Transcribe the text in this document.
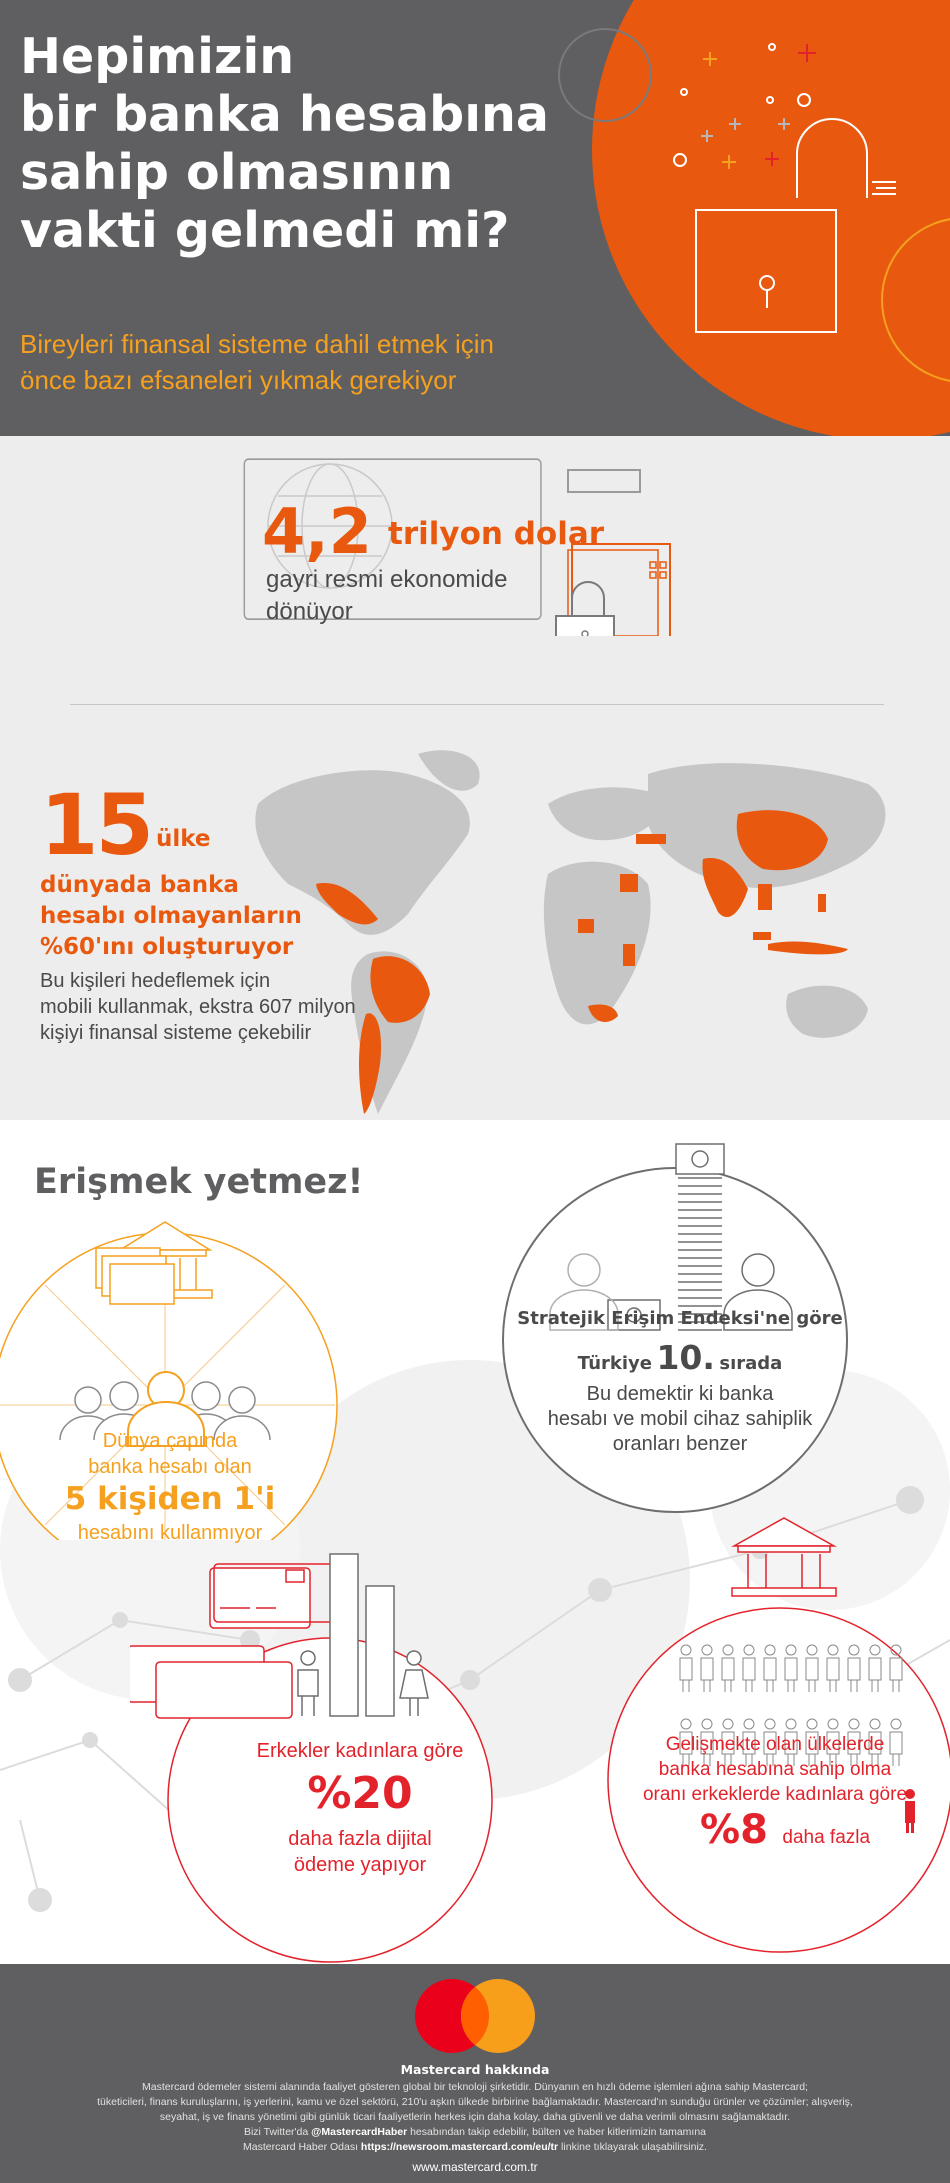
Hepimizin
bir banka hesabına
sahip olmasının
vakti gelmedi mi?
Bireyleri finansal sisteme dahil etmek için
önce bazı efsaneleri yıkmak gerekiyor
4,2 trilyon dolar
gayri resmi ekonomide
dönüyor
15 ülke
dünyada banka
hesabı olmayanların
%60'ını oluşturuyor
Bu kişileri hedeflemek için
mobili kullanmak, ekstra 607 milyon
kişiyi finansal sisteme çekebilir
Erişmek yetmez!
Stratejik Erişim Endeksi'ne göre
Türkiye 10. sırada
Bu demektir ki banka
hesabı ve mobil cihaz sahiplik
oranları benzer
Dünya çapında
banka hesabı olan
5 kişiden 1'i
hesabını kullanmıyor
Erkekler kadınlara göre
%20
daha fazla dijital
ödeme yapıyor
Gelişmekte olan ülkelerde
banka hesabına sahip olma
oranı erkeklerde kadınlara göre
%8 daha fazla
Mastercard hakkında
Mastercard ödemeler sistemi alanında faaliyet gösteren global bir teknoloji şirketidir. Dünyanın en hızlı ödeme işlemleri ağına sahip Mastercard;
tüketicileri, finans kuruluşlarını, iş yerlerini, kamu ve özel sektörü, 210'u aşkın ülkede birbirine bağlamaktadır. Mastercard'ın sunduğu ürünler ve çözümler; alışveriş,
seyahat, iş ve finans yönetimi gibi günlük ticari faaliyetlerin herkes için daha kolay, daha güvenli ve daha verimli olmasını sağlamaktadır.
Bizi Twitter'da @MastercardHaber hesabından takip edebilir, bülten ve haber kitlerimizin tamamına
Mastercard Haber Odası https://newsroom.mastercard.com/eu/tr linkine tıklayarak ulaşabilirsiniz.
www.mastercard.com.tr
